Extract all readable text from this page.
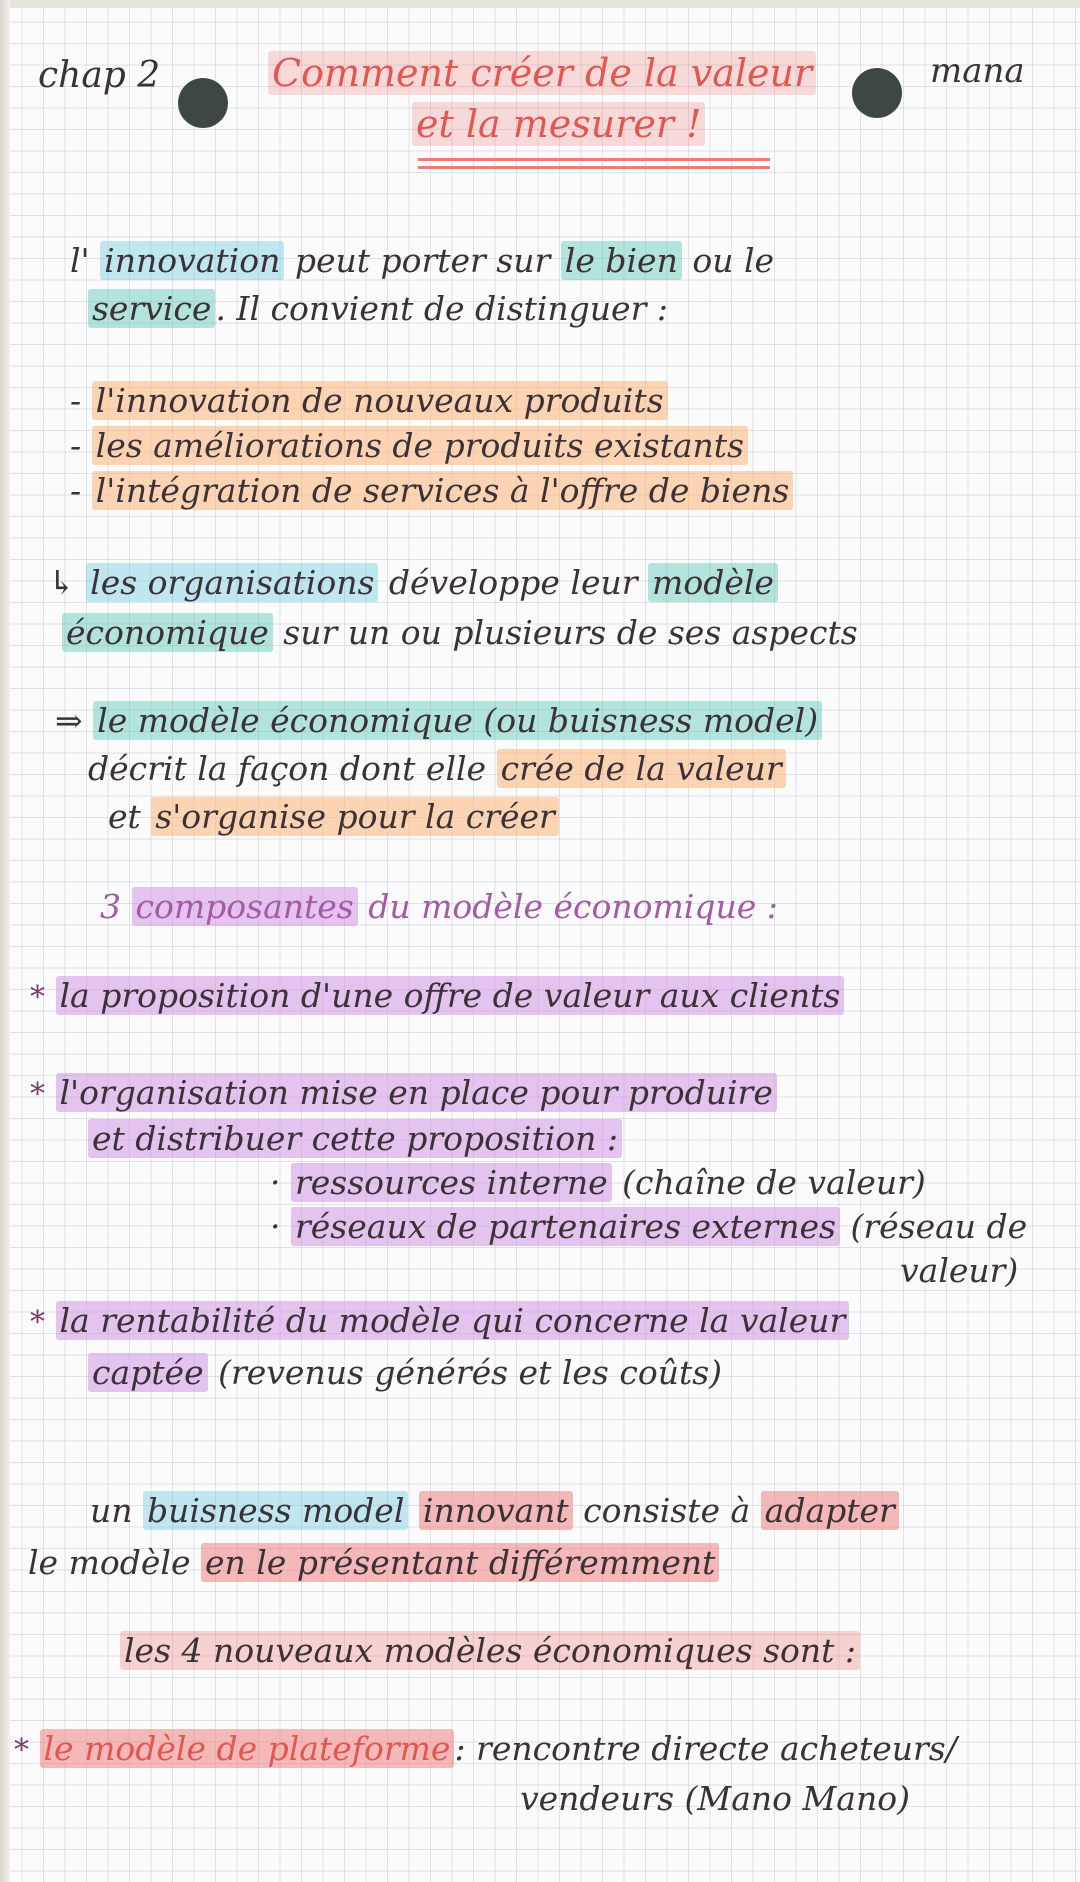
chap 2	Comment créer de la valeur	mana
et la mesurer !
l' innovation peut porter sur le bien ou le
service . Il convient de distinguer :
- l'innovation de nouveaux produits
- les améliorations de produits existants
- l'intégration de services à l'offre de biens
↳ les organisations développe leur modèle
économique sur un ou plusieurs de ses aspects
⇒ le modèle économique (ou buisness model)
décrit la façon dont elle crée de la valeur
et s'organise pour la créer
3 composantes du modèle économique :
* la proposition d'une offre de valeur aux clients
* l'organisation mise en place pour produire
et distribuer cette proposition :
· ressources interne (chaîne de valeur)
· réseaux de partenaires externes (réseau de
valeur)
* la rentabilité du modèle qui concerne la valeur
captée (revenus générés et les coûts)
un buisness model innovant consiste à adapter
le modèle en le présentant différemment
les 4 nouveaux modèles économiques sont :
* le modèle de plateforme : rencontre directe acheteurs/
vendeurs (Mano Mano)
